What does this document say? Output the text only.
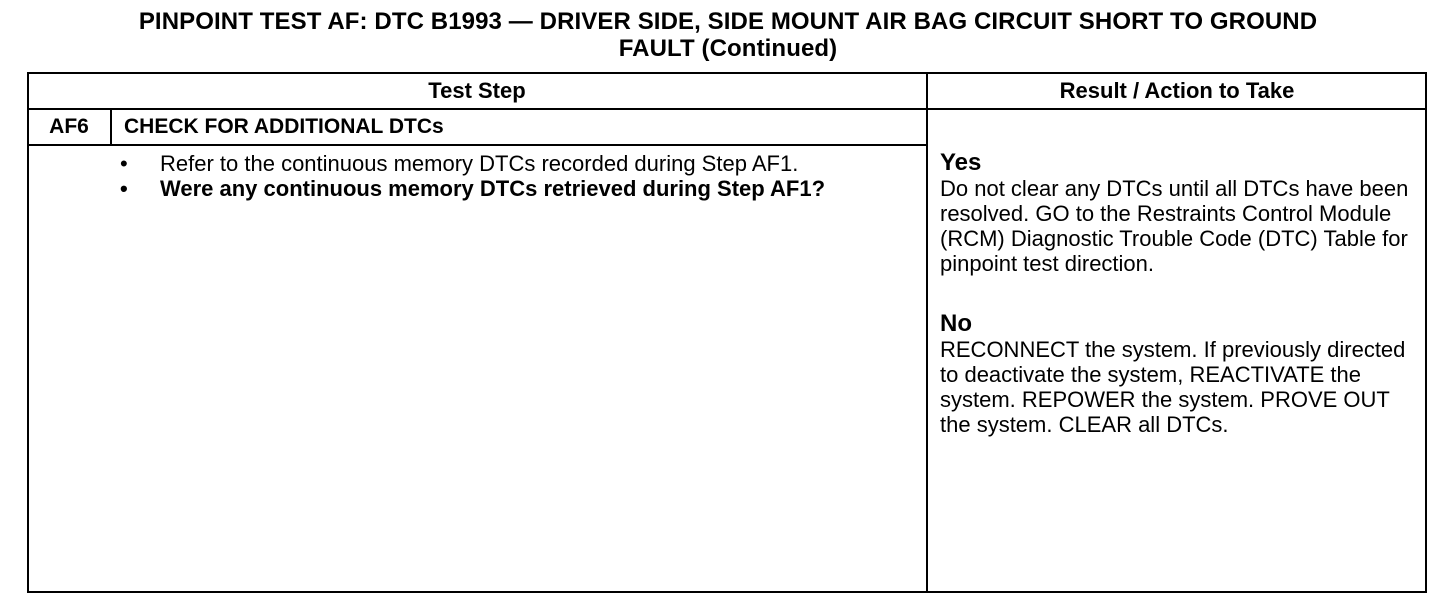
PINPOINT TEST AF: DTC B1993 — DRIVER SIDE, SIDE MOUNT AIR BAG CIRCUIT SHORT TO GROUND
FAULT (Continued)
Test Step	Result / Action to Take
AF6	CHECK FOR ADDITIONAL DTCs
• Refer to the continuous memory DTCs recorded during Step AF1.
• Were any continuous memory DTCs retrieved during Step AF1?
Yes
Do not clear any DTCs until all DTCs have been resolved. GO to the Restraints Control Module (RCM) Diagnostic Trouble Code (DTC) Table for pinpoint test direction.
No
RECONNECT the system. If previously directed to deactivate the system, REACTIVATE the system. REPOWER the system. PROVE OUT the system. CLEAR all DTCs.
